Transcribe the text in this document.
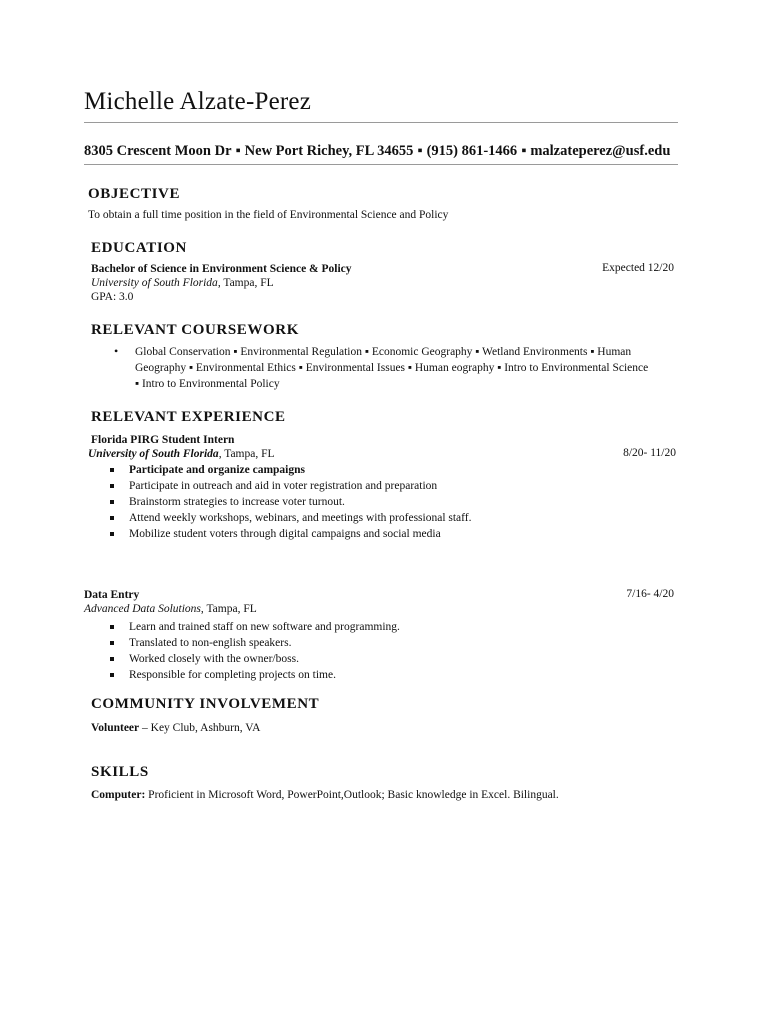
Michelle Alzate-Perez
8305 Crescent Moon Dr ▪ New Port Richey, FL 34655 ▪ (915) 861-1466 ▪ malzateperez@usf.edu
OBJECTIVE
To obtain a full time position in the field of Environmental Science and Policy
EDUCATION
Bachelor of Science in Environment Science & Policy	Expected 12/20
University of South Florida, Tampa, FL
GPA: 3.0
RELEVANT COURSEWORK
• Global Conservation ▪ Environmental Regulation ▪ Economic Geography ▪ Wetland Environments ▪ Human Geography ▪ Environmental Ethics ▪ Environmental Issues ▪ Human eography ▪ Intro to Environmental Science ▪ Intro to Environmental Policy
RELEVANT EXPERIENCE
Florida PIRG Student Intern
University of South Florida, Tampa, FL	8/20- 11/20
Participate and organize campaigns
Participate in outreach and aid in voter registration and preparation
Brainstorm strategies to increase voter turnout.
Attend weekly workshops, webinars, and meetings with professional staff.
Mobilize student voters through digital campaigns and social media
Data Entry	7/16- 4/20
Advanced Data Solutions, Tampa, FL
Learn and trained staff on new software and programming.
Translated to non-english speakers.
Worked closely with the owner/boss.
Responsible for completing projects on time.
COMMUNITY INVOLVEMENT
Volunteer – Key Club, Ashburn, VA
SKILLS
Computer: Proficient in Microsoft Word, PowerPoint,Outlook; Basic knowledge in Excel. Bilingual.
